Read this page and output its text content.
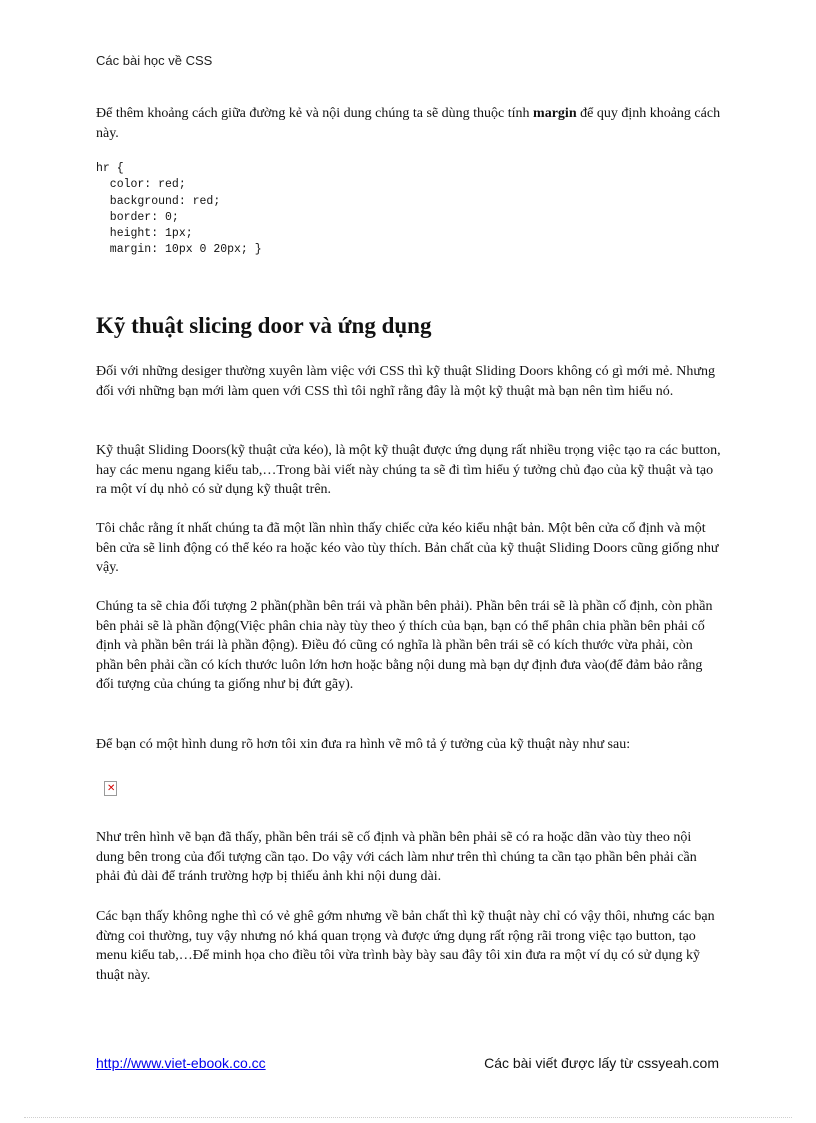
Các bài học về CSS

Để thêm khoảng cách giữa đường kẻ và nội dung chúng ta sẽ dùng thuộc tính margin để quy định khoảng cách này.

hr {
color: red;
background: red;
border: 0;
height: 1px;
margin: 10px 0 20px; }
Kỹ thuật slicing door và ứng dụng

Đối với những desiger thường xuyên làm việc với CSS thì kỹ thuật Sliding Doors không có gì mới mẻ. Nhưng đối với những bạn mới làm quen với CSS thì tôi nghĩ rằng đây là một kỹ thuật mà bạn nên tìm hiểu nó.

Kỹ thuật Sliding Doors(kỹ thuật cửa kéo), là một kỹ thuật được ứng dụng rất nhiều trọng việc tạo ra các button, hay các menu ngang kiểu tab,…Trong bài viết này chúng ta sẽ đi tìm hiểu ý tưởng chủ đạo của kỹ thuật và tạo ra một ví dụ nhỏ có sử dụng kỹ thuật trên.

Tôi chắc rằng ít nhất chúng ta đã một lần nhìn thấy chiếc cửa kéo kiểu nhật bản. Một bên cửa cố định và một bên cửa sẽ linh động có thể kéo ra hoặc kéo vào tùy thích. Bản chất của kỹ thuật Sliding Doors cũng giống như vậy.

Chúng ta sẽ chia đối tượng 2 phần(phần bên trái và phần bên phải). Phần bên trái sẽ là phần cố định, còn phần bên phải sẽ là phần động(Việc phân chia này tùy theo ý thích của bạn, bạn có thể phân chia phần bên phải cố định và phần bên trái là phần động). Điều đó cũng có nghĩa là phần bên trái sẽ có kích thước vừa phải, còn phần bên phải cần có kích thước luôn lớn hơn hoặc bằng nội dung mà bạn dự định đưa vào(để đảm bảo rằng đối tượng của chúng ta giống như bị đứt gãy).

Để bạn có một hình dung rõ hơn tôi xin đưa ra hình vẽ mô tả ý tưởng của kỹ thuật này như sau:

✕

Như trên hình vẽ bạn đã thấy, phần bên trái sẽ cố định và phần bên phải sẽ có ra hoặc dãn vào tùy theo nội dung bên trong của đối tượng cần tạo. Do vậy với cách làm như trên thì chúng ta cần tạo phần bên phải cần phải đủ dài để tránh trường hợp bị thiếu ảnh khi nội dung dài.

Các bạn thấy không nghe thì có vẻ ghê gớm nhưng về bản chất thì kỹ thuật này chỉ có vậy thôi, nhưng các bạn đừng coi thường, tuy vậy nhưng nó khá quan trọng và được ứng dụng rất rộng rãi trong việc tạo button, tạo menu kiểu tab,…Để minh họa cho điều tôi vừa trình bày bày sau đây tôi xin đưa ra một ví dụ có sử dụng kỹ thuật này.

http://www.viet-ebook.co.cc	Các bài viết được lấy từ cssyeah.com
